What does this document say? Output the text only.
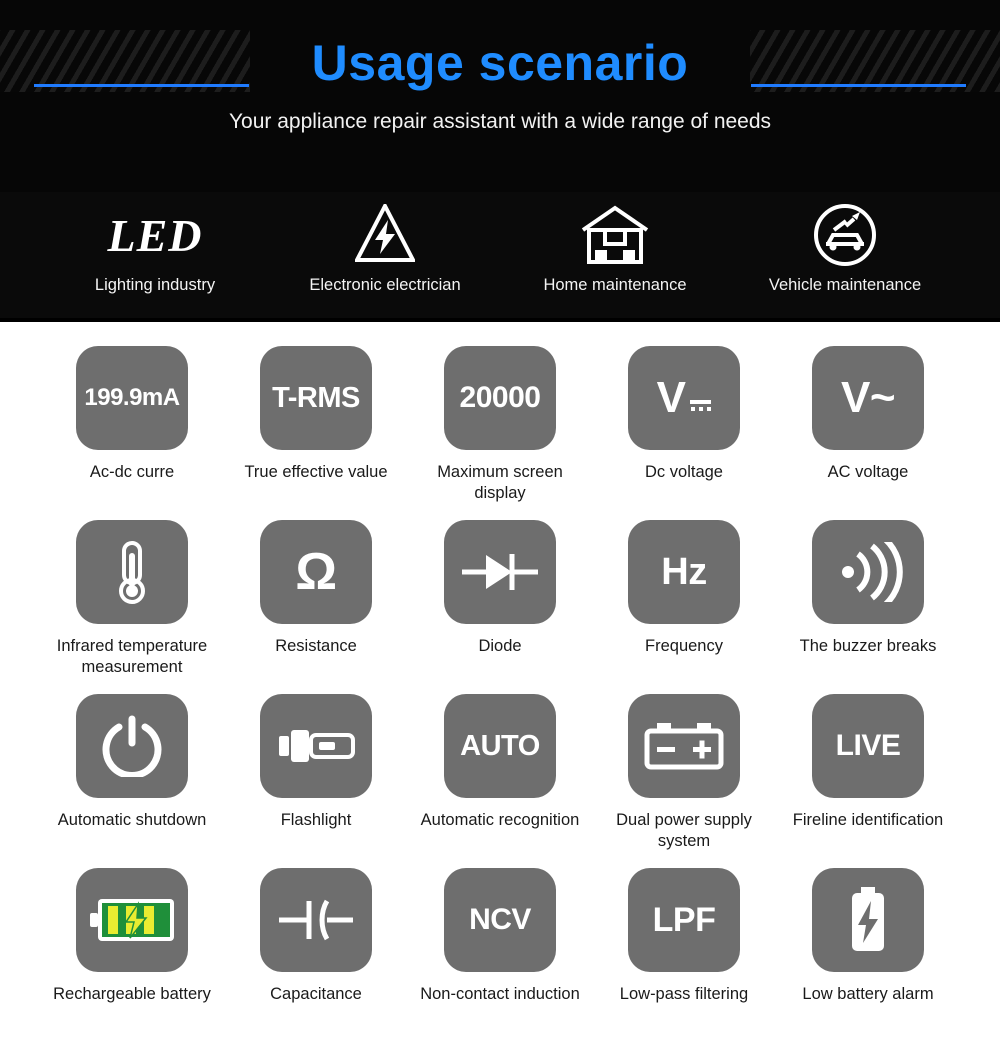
Usage scenario
Your appliance repair assistant with a wide range of needs
LED
Lighting industry	Electronic electrician	Home maintenance	Vehicle maintenance
199.9mA
Ac-dc curre
T-RMS
True effective value
20000
Maximum screen display
V
Dc voltage
V~
AC voltage
Infrared temperature measurement
Ω
Resistance	Diode
Hz
Frequency	The buzzer breaks
Automatic shutdown	Flashlight
AUTO
Automatic recognition	Dual power supply system
LIVE
Fireline identification
Rechargeable battery	Capacitance
NCV
Non-contact induction
LPF
Low-pass filtering	Low battery alarm
